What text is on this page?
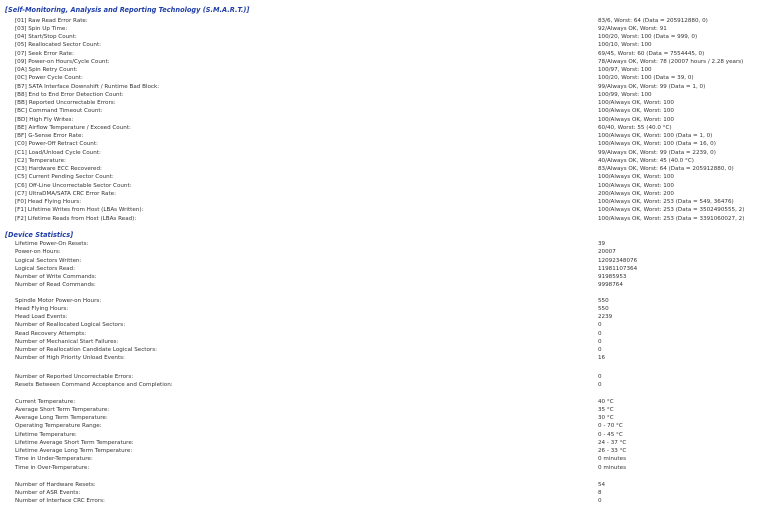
[Self-Monitoring, Analysis and Reporting Technology (S.M.A.R.T.)]
[01] Raw Read Error Rate:	83/6, Worst: 64 (Data = 205912880, 0)
[03] Spin Up Time:	92/Always OK, Worst: 91
[04] Start/Stop Count:	100/20, Worst: 100 (Data = 999, 0)
[05] Reallocated Sector Count:	100/10, Worst: 100
[07] Seek Error Rate:	69/45, Worst: 60 (Data = 7554445, 0)
[09] Power-on Hours/Cycle Count:	78/Always OK, Worst: 78 (20007 hours / 2.28 years)
[0A] Spin Retry Count:	100/97, Worst: 100
[0C] Power Cycle Count:	100/20, Worst: 100 (Data = 39, 0)
[B7] SATA Interface Downshift / Runtime Bad Block:	99/Always OK, Worst: 99 (Data = 1, 0)
[B8] End to End Error Detection Count:	100/99, Worst: 100
[BB] Reported Uncorrectable Errors:	100/Always OK, Worst: 100
[BC] Command Timeout Count:	100/Always OK, Worst: 100
[BD] High Fly Writes:	100/Always OK, Worst: 100
[BE] Airflow Temperature / Exceed Count:	60/40, Worst: 55 (40.0 °C)
[BF] G-Sense Error Rate:	100/Always OK, Worst: 100 (Data = 1, 0)
[C0] Power-Off Retract Count:	100/Always OK, Worst: 100 (Data = 16, 0)
[C1] Load/Unload Cycle Count:	99/Always OK, Worst: 99 (Data = 2239, 0)
[C2] Temperature:	40/Always OK, Worst: 45 (40.0 °C)
[C3] Hardware ECC Recovered:	83/Always OK, Worst: 64 (Data = 205912880, 0)
[C5] Current Pending Sector Count:	100/Always OK, Worst: 100
[C6] Off-Line Uncorrectable Sector Count:	100/Always OK, Worst: 100
[C7] UltraDMA/SATA CRC Error Rate:	200/Always OK, Worst: 200
[F0] Head Flying Hours:	100/Always OK, Worst: 253 (Data = 549, 36476)
[F1] Lifetime Writes from Host (LBAs Written):	100/Always OK, Worst: 253 (Data = 3502490555, 2)
[F2] Lifetime Reads from Host (LBAs Read):	100/Always OK, Worst: 253 (Data = 3391060027, 2)
[Device Statistics]
Lifetime Power-On Resets:	39
Power-on Hours:	20007
Logical Sectors Written:	12092348076
Logical Sectors Read:	11981107364
Number of Write Commands:	91985953
Number of Read Commands:	9998764
Spindle Motor Power-on Hours:	550
Head Flying Hours:	550
Head Load Events:	2239
Number of Reallocated Logical Sectors:	0
Read Recovery Attempts:	0
Number of Mechanical Start Failures:	0
Number of Reallocation Candidate Logical Sectors:	0
Number of High Priority Unload Events:	16
Number of Reported Uncorrectable Errors:	0
Resets Between Command Acceptance and Completion:	0
Current Temperature:	40 °C
Average Short Term Temperature:	35 °C
Average Long Term Temperature:	30 °C
Operating Temperature Range:	0 - 70 °C
Lifetime Temperature:	0 - 45 °C
Lifetime Average Short Term Temperature:	24 - 37 °C
Lifetime Average Long Term Temperature:	26 - 33 °C
Time in Under-Temperature:	0 minutes
Time in Over-Temperature:	0 minutes
Number of Hardware Resets:	54
Number of ASR Events:	8
Number of Interface CRC Errors:	0
